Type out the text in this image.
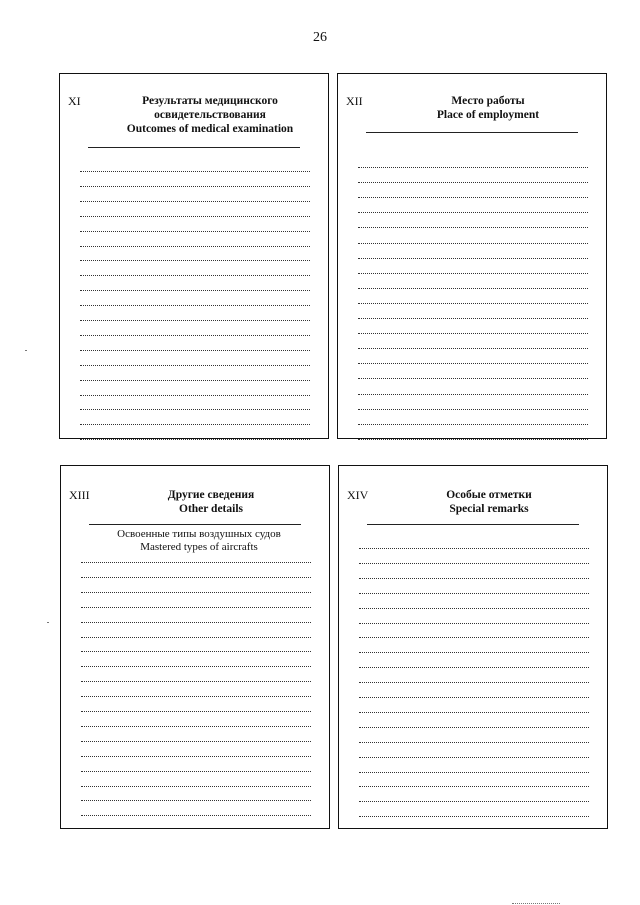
26
XI	Результаты медицинского
освидетельствования
Outcomes of medical examination
XII	Место работы
Place of employment
XIII	Другие сведения
Other details
Освоенные типы воздушных судов
Mastered types of aircrafts
XIV	Особые отметки
Special remarks
